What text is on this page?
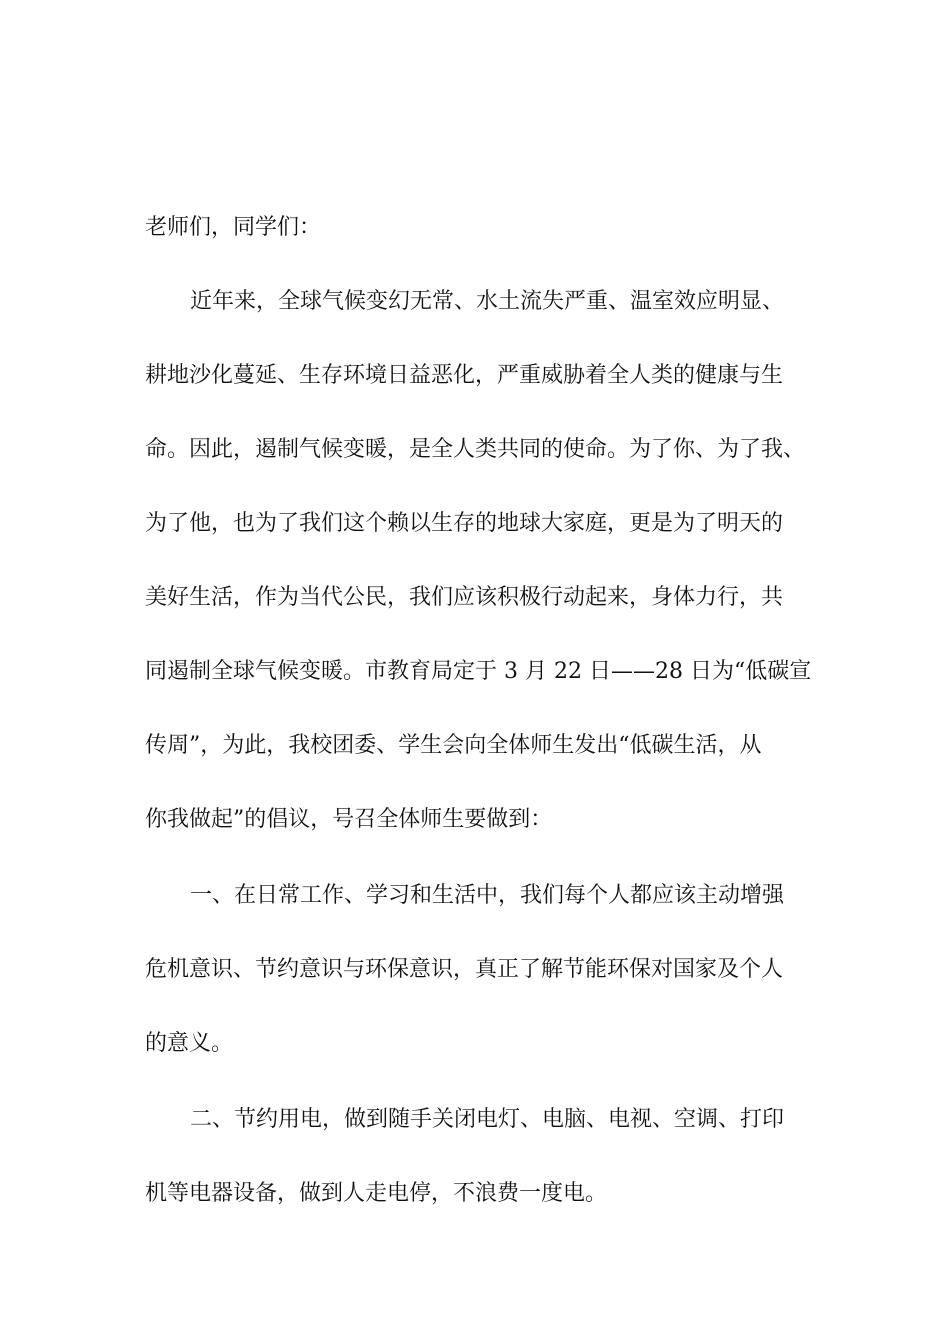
老师们，同学们：

近年来，全球气候变幻无常、水土流失严重、温室效应明显、

耕地沙化蔓延、生存环境日益恶化，严重威胁着全人类的健康与生

命。因此，遏制气候变暖，是全人类共同的使命。为了你、为了我、

为了他，也为了我们这个赖以生存的地球大家庭，更是为了明天的

美好生活，作为当代公民，我们应该积极行动起来，身体力行，共

同遏制全球气候变暖。市教育局定于 3 月 22 日——28 日为“低碳宣

传周”，为此，我校团委、学生会向全体师生发出“低碳生活，从

你我做起”的倡议，号召全体师生要做到：

一、在日常工作、学习和生活中，我们每个人都应该主动增强

危机意识、节约意识与环保意识，真正了解节能环保对国家及个人

的意义。

二、节约用电，做到随手关闭电灯、电脑、电视、空调、打印

机等电器设备，做到人走电停，不浪费一度电。
